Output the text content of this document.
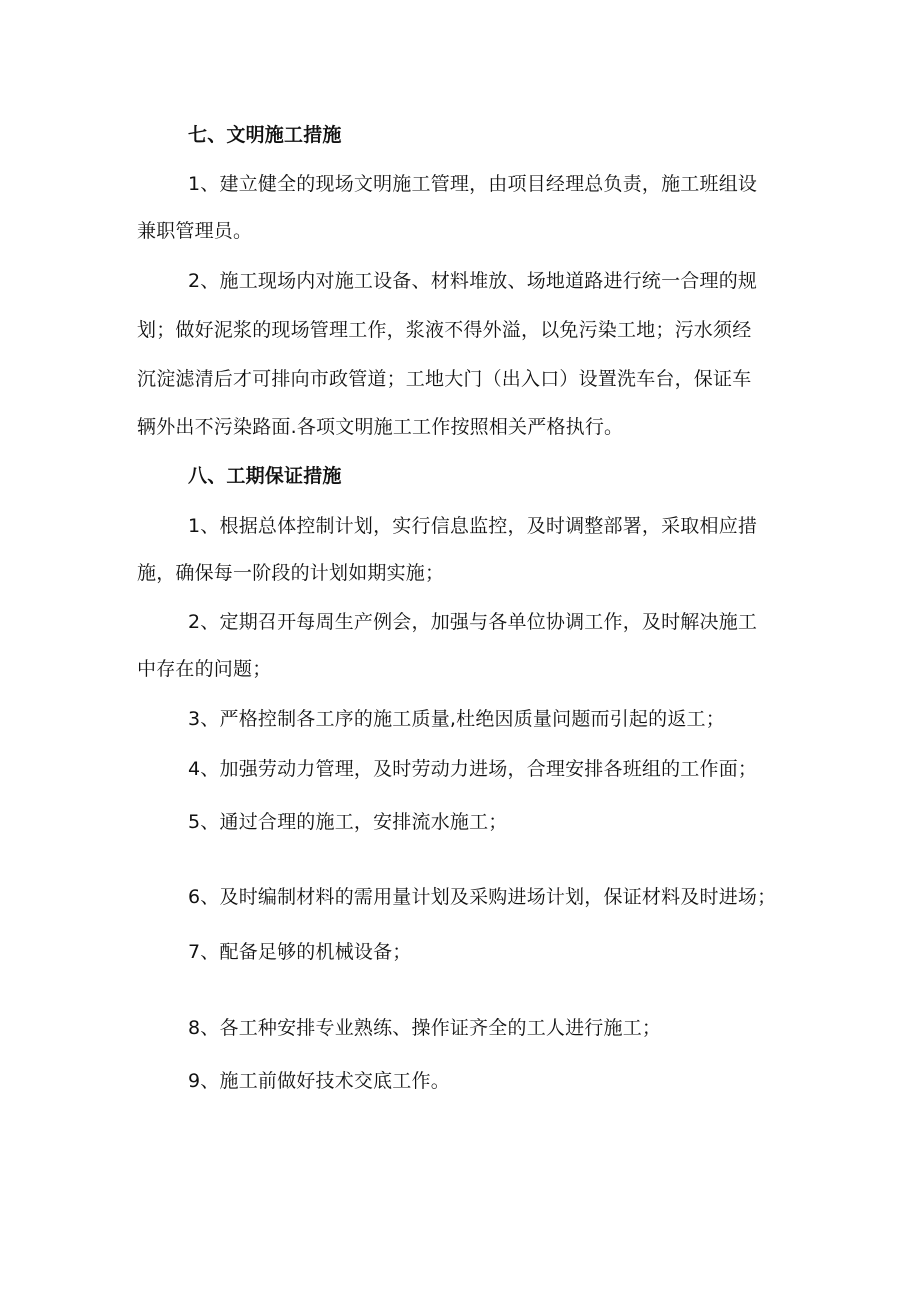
七、文明施工措施
1、建立健全的现场文明施工管理，由项目经理总负责，施工班组设
兼职管理员。
2、施工现场内对施工设备、材料堆放、场地道路进行统一合理的规
划；做好泥浆的现场管理工作，浆液不得外溢，以免污染工地；污水须经
沉淀滤清后才可排向市政管道；工地大门（出入口）设置洗车台，保证车
辆外出不污染路面.各项文明施工工作按照相关严格执行。
八、工期保证措施
1、根据总体控制计划，实行信息监控，及时调整部署，采取相应措
施，确保每一阶段的计划如期实施；
2、定期召开每周生产例会，加强与各单位协调工作，及时解决施工
中存在的问题；
3、严格控制各工序的施工质量,杜绝因质量问题而引起的返工；
4、加强劳动力管理，及时劳动力进场，合理安排各班组的工作面；
5、通过合理的施工，安排流水施工；
6、及时编制材料的需用量计划及采购进场计划，保证材料及时进场；
7、配备足够的机械设备；
8、各工种安排专业熟练、操作证齐全的工人进行施工；
9、施工前做好技术交底工作。
